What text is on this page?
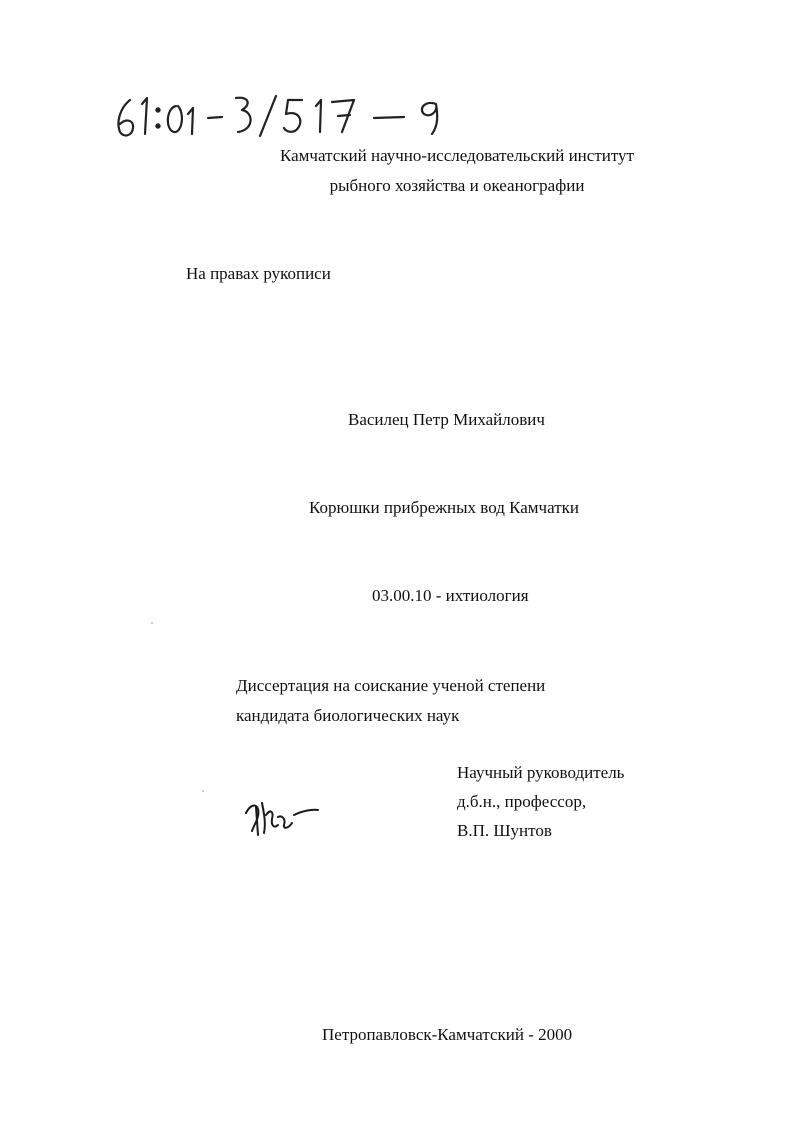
Камчатский научно-исследовательский институт
рыбного хозяйства и океанографии
На правах рукописи
Василец Петр Михайлович
Корюшки прибрежных вод Камчатки
03.00.10 - ихтиология
Диссертация на соискание ученой степени
кандидата биологических наук
Научный руководитель
д.б.н., профессор,
В.П. Шунтов
Петропавловск-Камчатский - 2000
